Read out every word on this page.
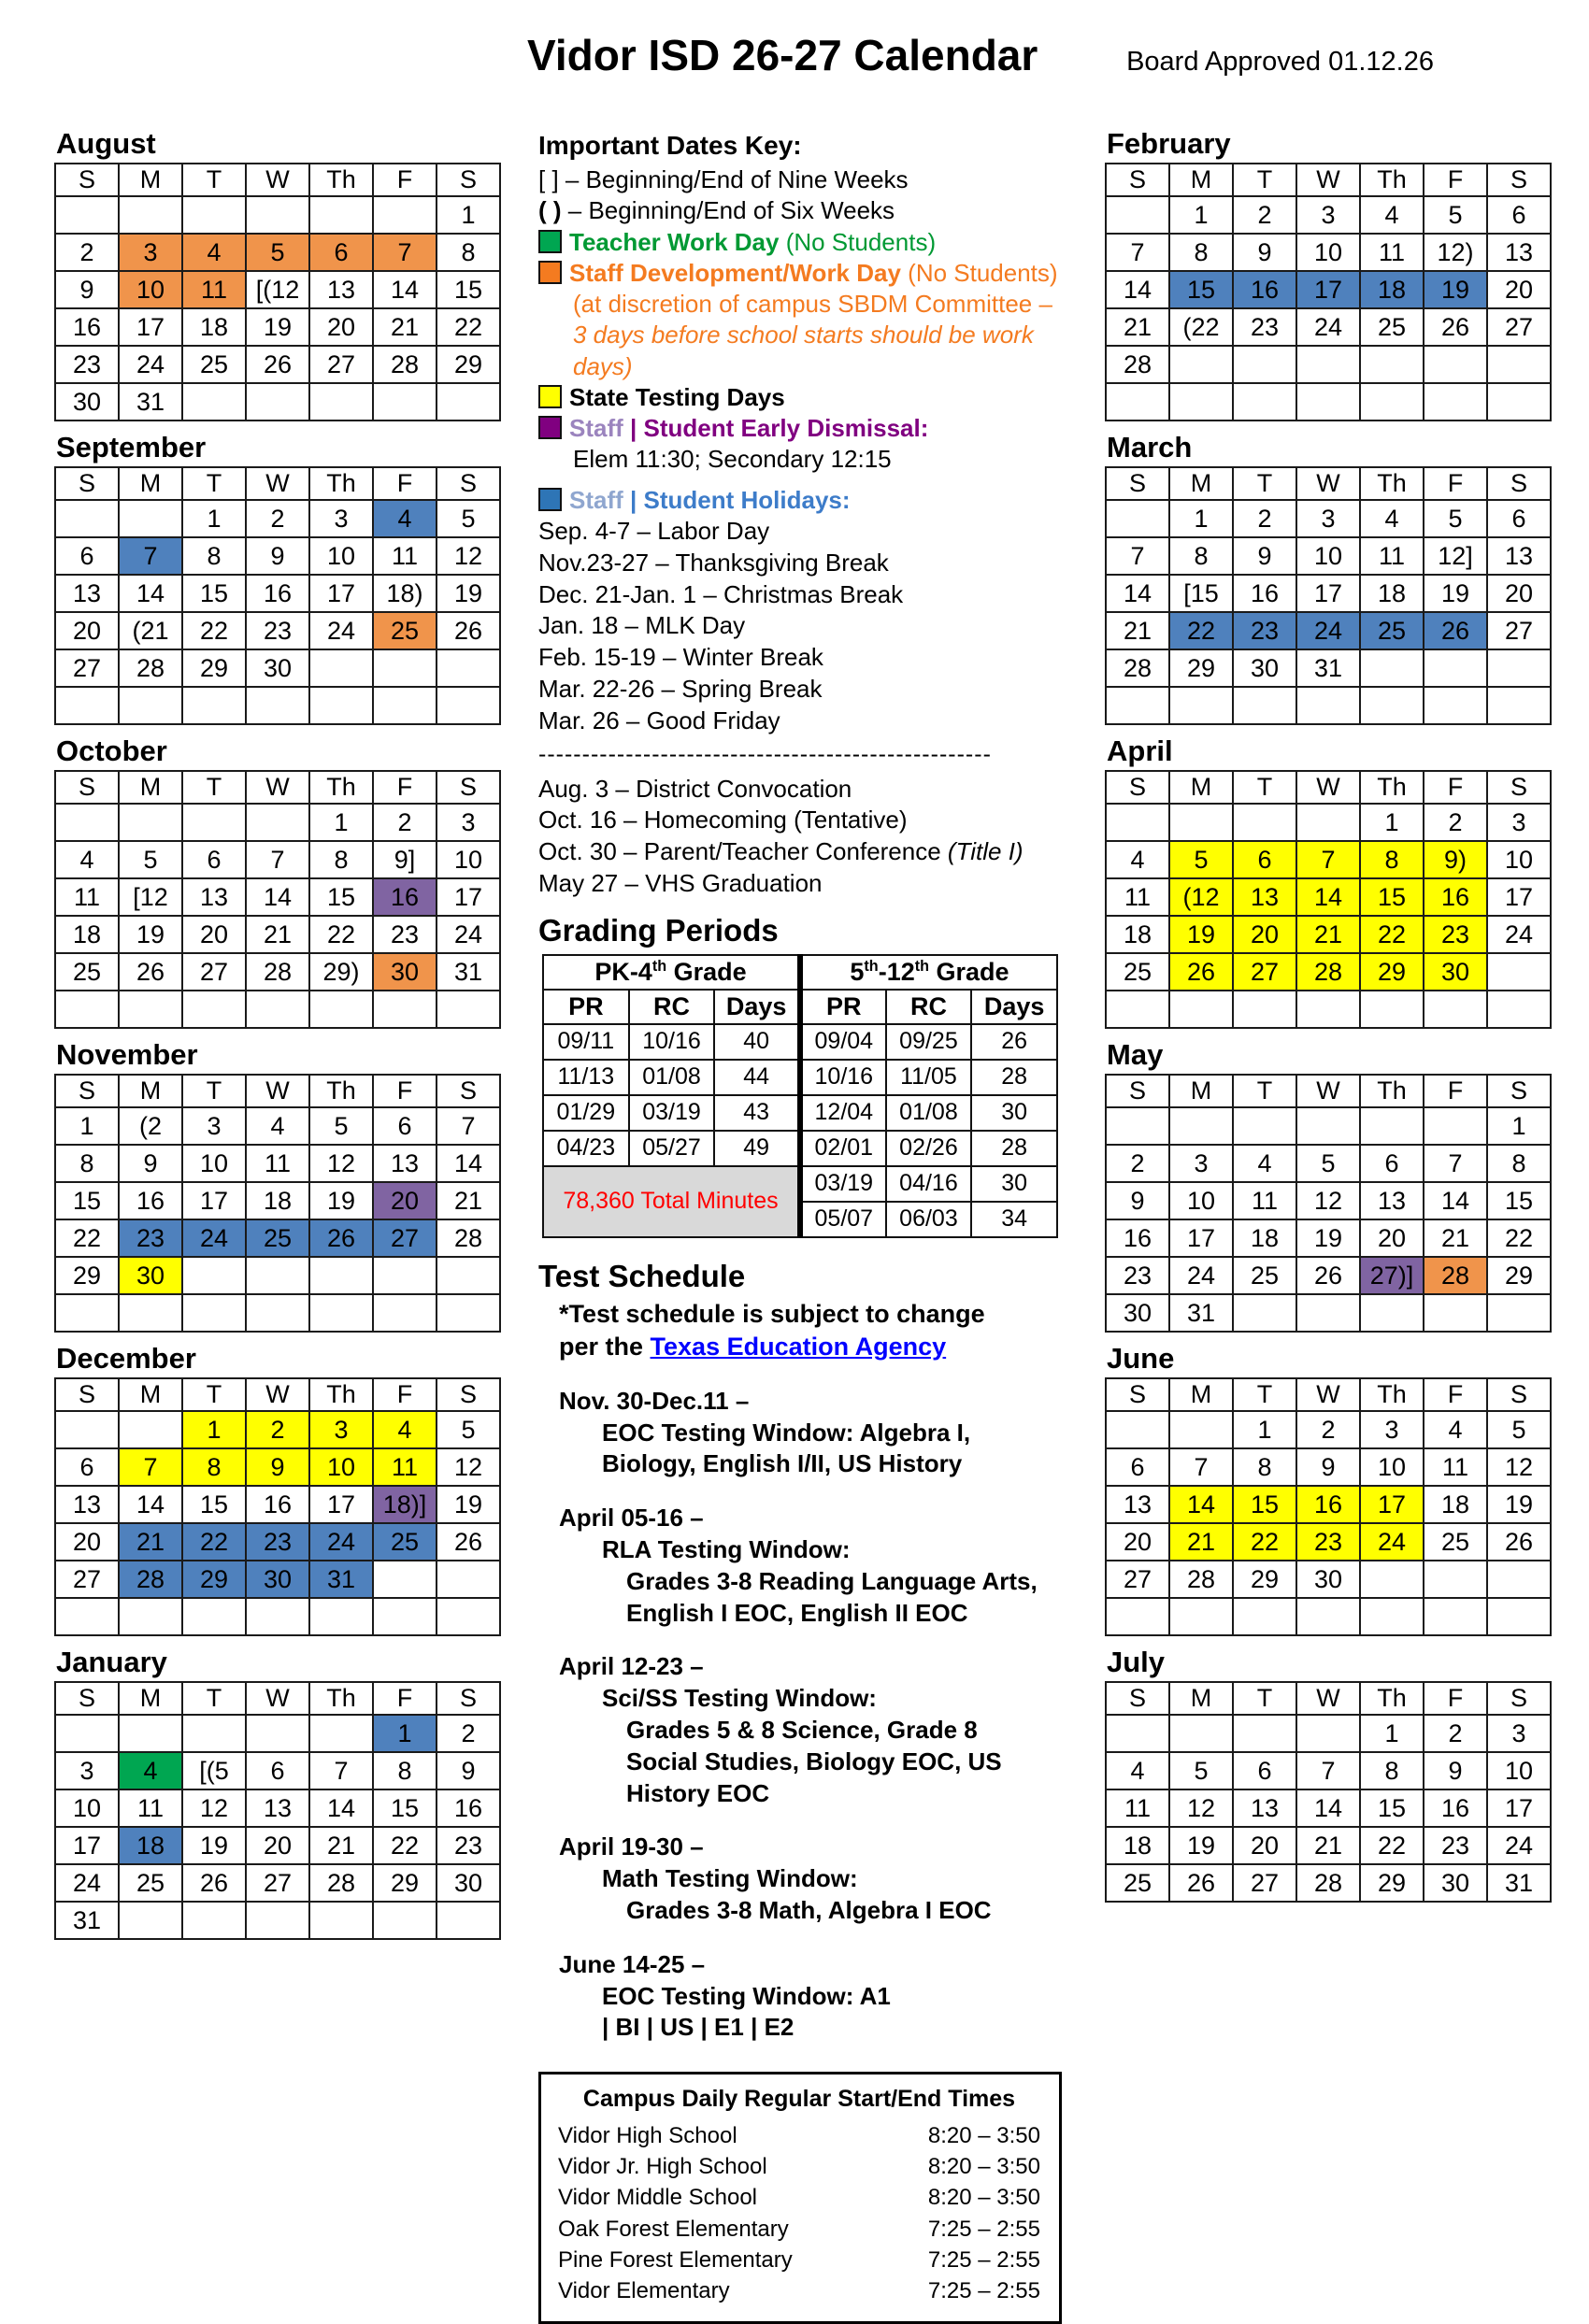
Vidor ISD 26-27 Calendar	Board Approved 01.12.26
August
S	M	T	W	Th	F	S
						1
2	3	4	5	6	7	8
9	10	11	[(12	13	14	15
16	17	18	19	20	21	22
23	24	25	26	27	28	29
30	31					
September
S	M	T	W	Th	F	S
		1	2	3	4	5
6	7	8	9	10	11	12
13	14	15	16	17	18)	19
20	(21	22	23	24	25	26
27	28	29	30			

October
S	M	T	W	Th	F	S
				1	2	3
4	5	6	7	8	9]	10
11	[12	13	14	15	16	17
18	19	20	21	22	23	24
25	26	27	28	29)	30	31

November
S	M	T	W	Th	F	S
1	(2	3	4	5	6	7
8	9	10	11	12	13	14
15	16	17	18	19	20	21
22	23	24	25	26	27	28
29	30					

December
S	M	T	W	Th	F	S
		1	2	3	4	5
6	7	8	9	10	11	12
13	14	15	16	17	18)]	19
20	21	22	23	24	25	26
27	28	29	30	31		

January
S	M	T	W	Th	F	S
					1	2
3	4	[(5	6	7	8	9
10	11	12	13	14	15	16
17	18	19	20	21	22	23
24	25	26	27	28	29	30
31						
Important Dates Key:
[ ] – Beginning/End of Nine Weeks
( ) – Beginning/End of Six Weeks
Teacher Work Day (No Students)
Staff Development/Work Day (No Students)
(at discretion of campus SBDM Committee – 3 days before school starts should be work days)
State Testing Days
Staff | Student Early Dismissal:
Elem 11:30; Secondary 12:15
Staff | Student Holidays:
Sep. 4-7 – Labor Day
Nov.23-27 – Thanksgiving Break
Dec. 21-Jan. 1 – Christmas Break
Jan. 18 – MLK Day
Feb. 15-19 – Winter Break
Mar. 22-26 – Spring Break
Mar. 26 – Good Friday
----------------------------------------------------
Aug. 3 – District Convocation
Oct. 16 – Homecoming (Tentative)
Oct. 30 – Parent/Teacher Conference (Title I)
May 27 – VHS Graduation
Grading Periods
PK-4th Grade			5th-12th Grade		
PR	RC	Days	PR	RC	Days
09/11	10/16	40	09/04	09/25	26
11/13	01/08	44	10/16	11/05	28
01/29	03/19	43	12/04	01/08	30
04/23	05/27	49	02/01	02/26	28
78,360 Total Minutes			03/19	04/16	30
			05/07	06/03	34
Test Schedule
*Test schedule is subject to change per the Texas Education Agency
Nov. 30-Dec.11 –
EOC Testing Window: Algebra I,
Biology, English I/II, US History
April 05-16 –
RLA Testing Window:
Grades 3-8 Reading Language Arts,
English I EOC, English II EOC
April 12-23 –
Sci/SS Testing Window:
Grades 5 & 8 Science, Grade 8
Social Studies, Biology EOC, US
History EOC
April 19-30 –
Math Testing Window:
Grades 3-8 Math, Algebra I EOC
June 14-25 –
EOC Testing Window: A1
| BI | US | E1 | E2
Campus Daily Regular Start/End Times
Vidor High School	8:20 – 3:50
Vidor Jr. High School	8:20 – 3:50
Vidor Middle School	8:20 – 3:50
Oak Forest Elementary	7:25 – 2:55
Pine Forest Elementary	7:25 – 2:55
Vidor Elementary	7:25 – 2:55
February
S	M	T	W	Th	F	S
	1	2	3	4	5	6
7	8	9	10	11	12)	13
14	15	16	17	18	19	20
21	(22	23	24	25	26	27
28						

March
S	M	T	W	Th	F	S
	1	2	3	4	5	6
7	8	9	10	11	12]	13
14	[15	16	17	18	19	20
21	22	23	24	25	26	27
28	29	30	31			

April
S	M	T	W	Th	F	S
				1	2	3
4	5	6	7	8	9)	10
11	(12	13	14	15	16	17
18	19	20	21	22	23	24
25	26	27	28	29	30	

May
S	M	T	W	Th	F	S
						1
2	3	4	5	6	7	8
9	10	11	12	13	14	15
16	17	18	19	20	21	22
23	24	25	26	27)]	28	29
30	31					
June
S	M	T	W	Th	F	S
		1	2	3	4	5
6	7	8	9	10	11	12
13	14	15	16	17	18	19
20	21	22	23	24	25	26
27	28	29	30			

July
S	M	T	W	Th	F	S
				1	2	3
4	5	6	7	8	9	10
11	12	13	14	15	16	17
18	19	20	21	22	23	24
25	26	27	28	29	30	31
